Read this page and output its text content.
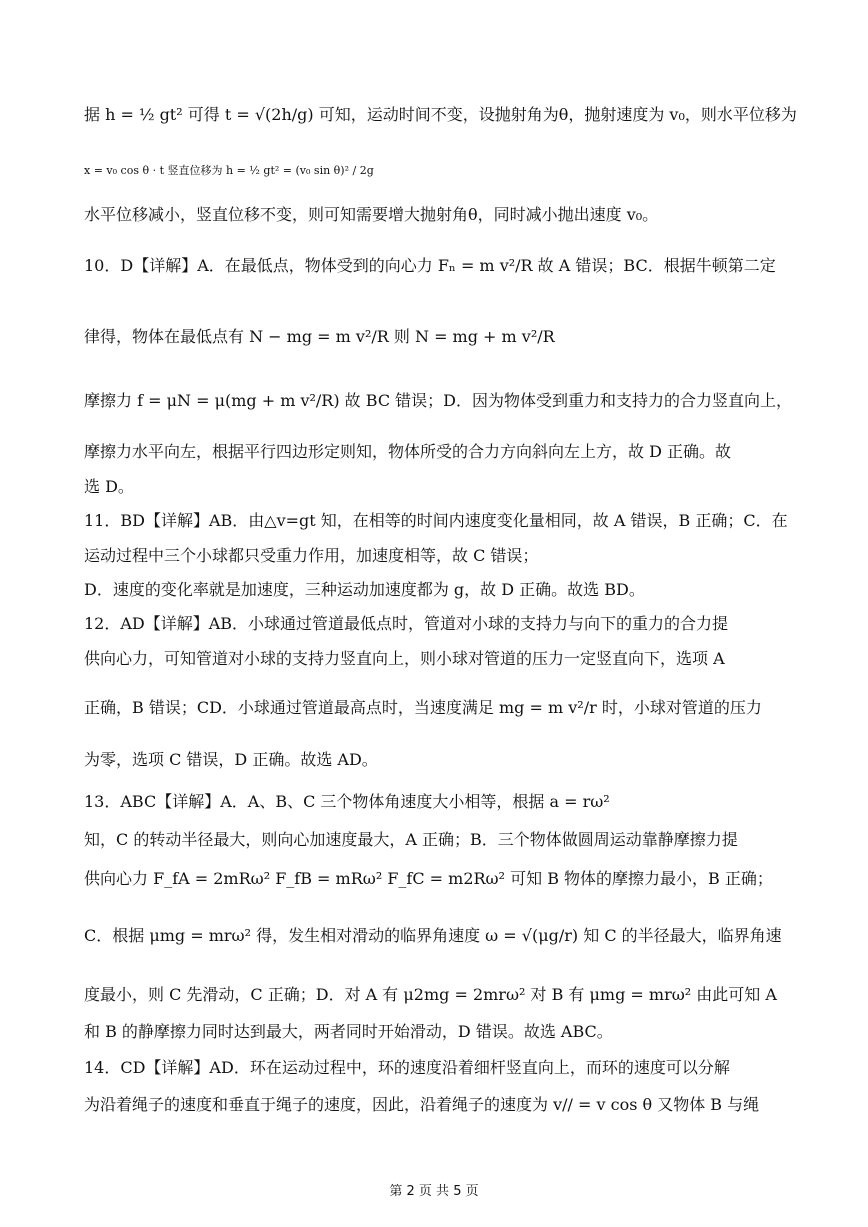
据 h = ½ gt² 可得 t = √(2h/g) 可知，运动时间不变，设抛射角为θ，抛射速度为 v₀，则水平位移为
x = v₀ cos θ · t 竖直位移为 h = ½ gt² = (v₀ sin θ)² / 2g
水平位移减小，竖直位移不变，则可知需要增大抛射角θ，同时减小抛出速度 v₀。
10．D【详解】A．在最低点，物体受到的向心力 Fₙ = m v²/R 故 A 错误；BC．根据牛顿第二定
律得，物体在最低点有 N − mg = m v²/R 则 N = mg + m v²/R
摩擦力 f = μN = μ(mg + m v²/R) 故 BC 错误；D．因为物体受到重力和支持力的合力竖直向上，
摩擦力水平向左，根据平行四边形定则知，物体所受的合力方向斜向左上方，故 D 正确。故
选 D。
11．BD【详解】AB．由△v=gt 知，在相等的时间内速度变化量相同，故 A 错误，B 正确；C．在
运动过程中三个小球都只受重力作用，加速度相等，故 C 错误；
D．速度的变化率就是加速度，三种运动加速度都为 g，故 D 正确。故选 BD。
12．AD【详解】AB．小球通过管道最低点时，管道对小球的支持力与向下的重力的合力提
供向心力，可知管道对小球的支持力竖直向上，则小球对管道的压力一定竖直向下，选项 A
正确，B 错误；CD．小球通过管道最高点时，当速度满足 mg = m v²/r 时，小球对管道的压力
为零，选项 C 错误，D 正确。故选 AD。
13．ABC【详解】A．A、B、C 三个物体角速度大小相等，根据 a = rω²
知，C 的转动半径最大，则向心加速度最大，A 正确；B．三个物体做圆周运动靠静摩擦力提
供向心力 F_fA = 2mRω² F_fB = mRω² F_fC = m2Rω² 可知 B 物体的摩擦力最小，B 正确；
C．根据 μmg = mrω² 得，发生相对滑动的临界角速度 ω = √(μg/r) 知 C 的半径最大，临界角速
度最小，则 C 先滑动，C 正确；D．对 A 有 μ2mg = 2mrω² 对 B 有 μmg = mrω² 由此可知 A
和 B 的静摩擦力同时达到最大，两者同时开始滑动，D 错误。故选 ABC。
14．CD【详解】AD．环在运动过程中，环的速度沿着细杆竖直向上，而环的速度可以分解
为沿着绳子的速度和垂直于绳子的速度，因此，沿着绳子的速度为 v// = v cos θ 又物体 B 与绳
第 2 页 共 5 页
